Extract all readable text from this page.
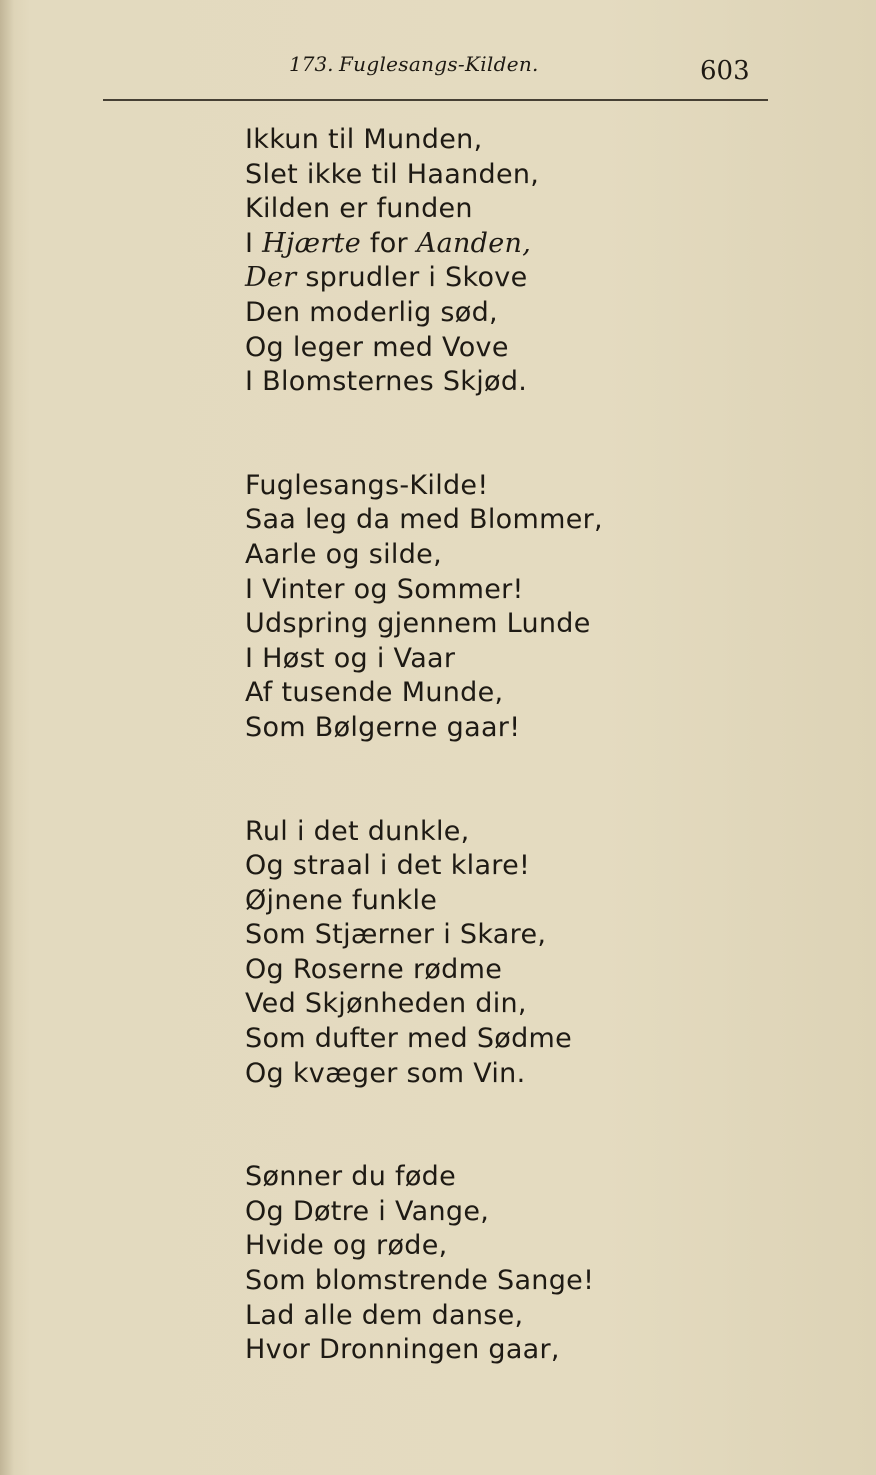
173. Fuglesangs-Kilden.	603
Ikkun til Munden,
Slet ikke til Haanden,
Kilden er funden
I Hjærte for Aanden,
Der sprudler i Skove
Den moderlig sød,
Og leger med Vove
I Blomsternes Skjød.
Fuglesangs-Kilde!
Saa leg da med Blommer,
Aarle og silde,
I Vinter og Sommer!
Udspring gjennem Lunde
I Høst og i Vaar
Af tusende Munde,
Som Bølgerne gaar!
Rul i det dunkle,
Og straal i det klare!
Øjnene funkle
Som Stjærner i Skare,
Og Roserne rødme
Ved Skjønheden din,
Som dufter med Sødme
Og kvæger som Vin.
Sønner du føde
Og Døtre i Vange,
Hvide og røde,
Som blomstrende Sange!
Lad alle dem danse,
Hvor Dronningen gaar,
